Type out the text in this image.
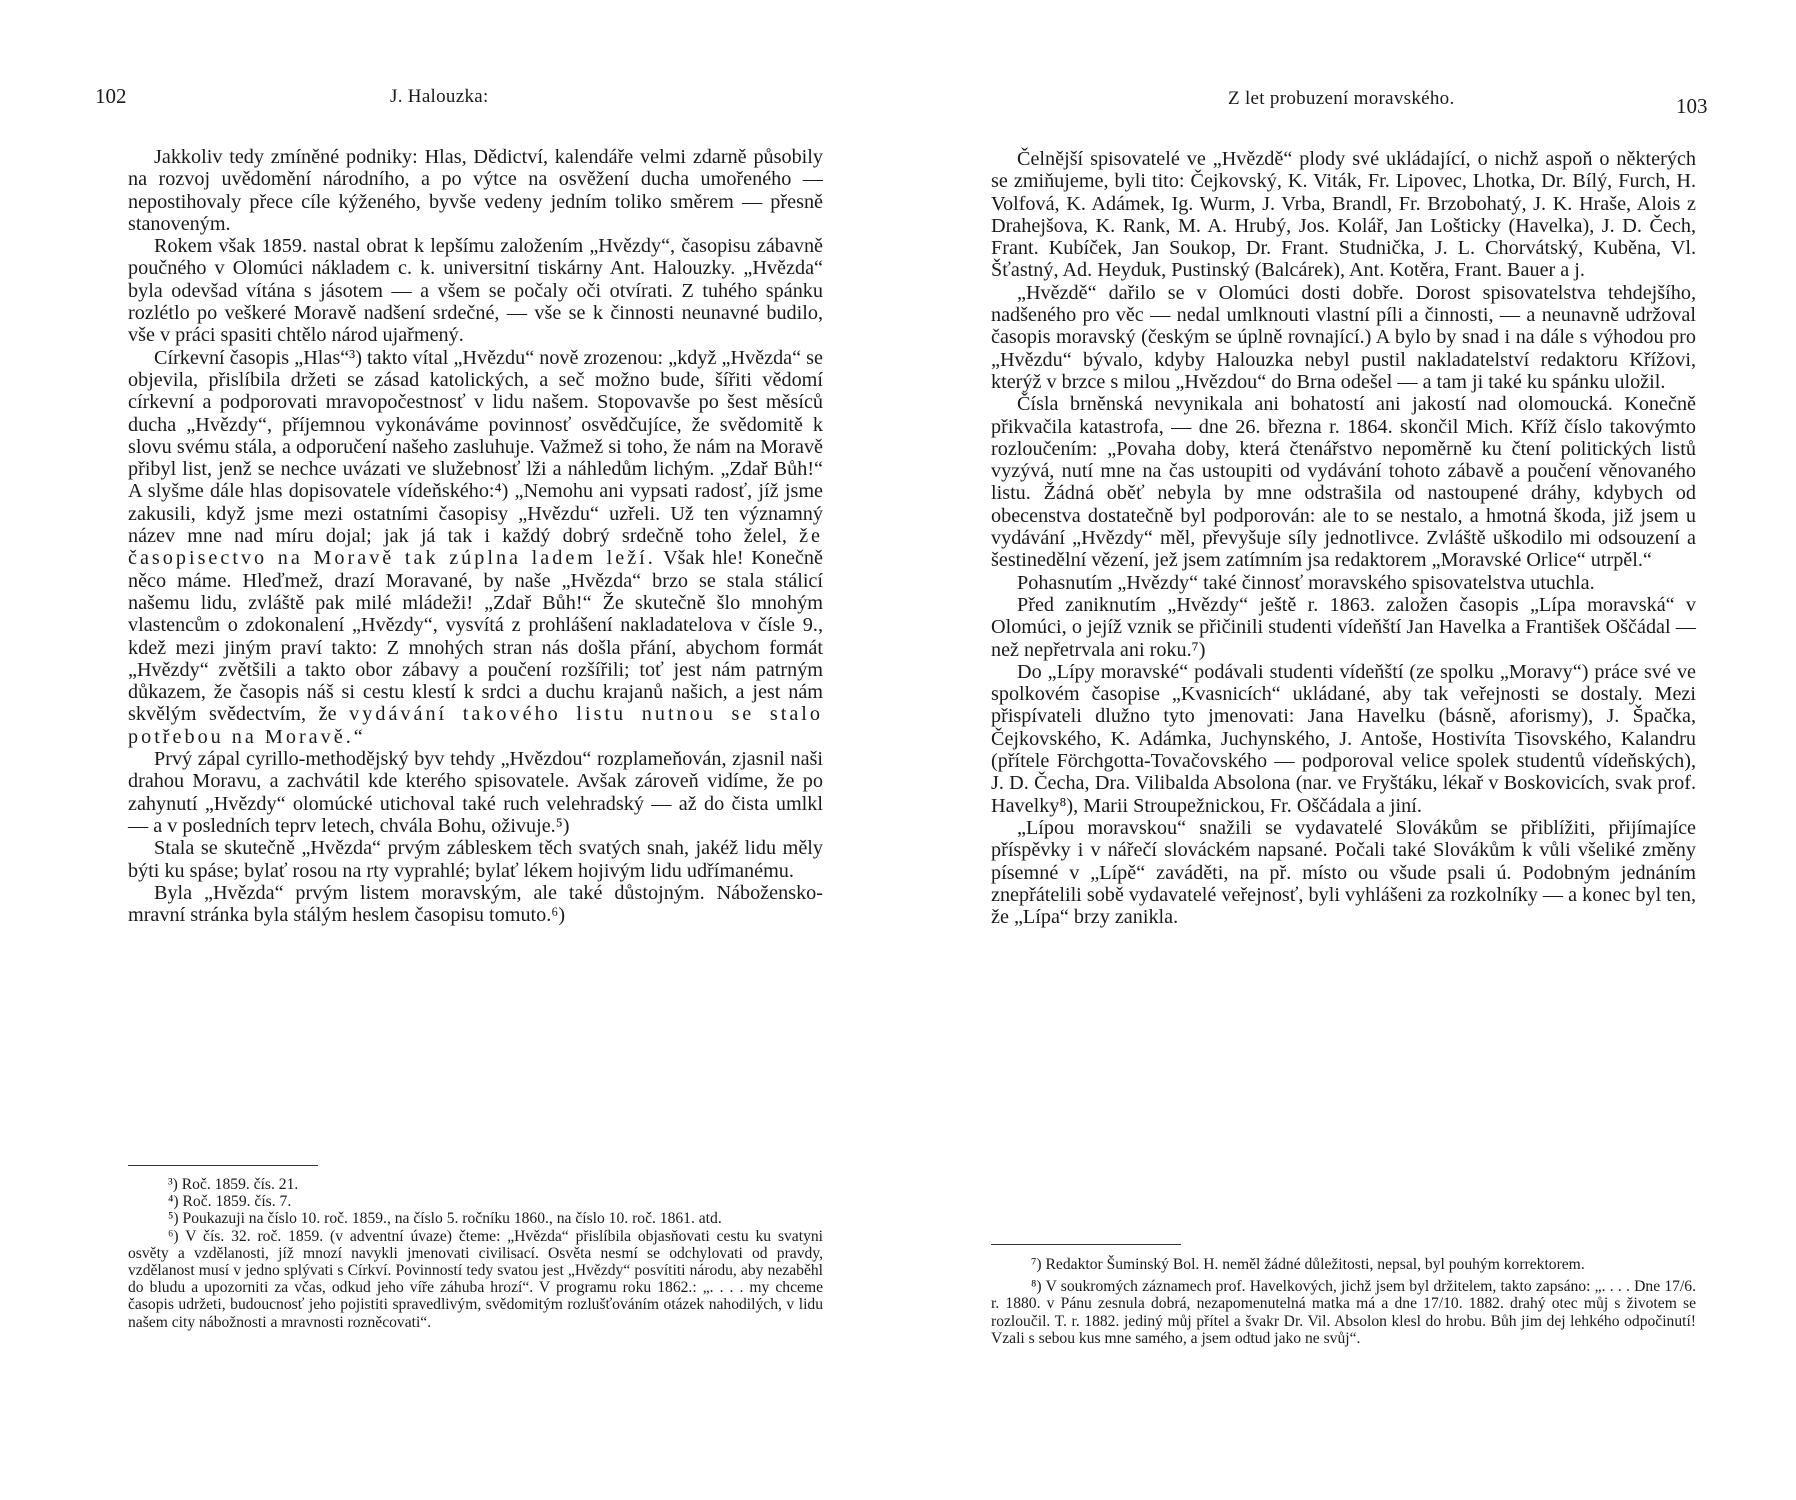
102	J. Halouzka:

Jakkoliv tedy zmíněné podniky: Hlas, Dědictví, kalendáře velmi zdarně působily na rozvoj uvědomění národního, a po výtce na osvěžení ducha umořeného — nepostihovaly přece cíle kýženého, byvše vedeny jedním toliko směrem — přesně stanoveným.

Rokem však 1859. nastal obrat k lepšímu založením „Hvězdy“, časopisu zábavně poučného v Olomúci nákladem c. k. universitní tiskárny Ant. Halouzky. „Hvězda“ byla odevšad vítána s jásotem — a všem se počaly oči otvírati. Z tuhého spánku rozlétlo po veškeré Moravě nadšení srdečné, — vše se k činnosti neunavné budilo, vše v práci spasiti chtělo národ ujařmený.

Církevní časopis „Hlas“³) takto vítal „Hvězdu“ nově zrozenou: „když „Hvězda“ se objevila, přislíbila držeti se zásad katolických, a seč možno bude, šířiti vědomí církevní a podporovati mravopočestnosť v lidu našem. Stopovavše po šest měsíců ducha „Hvězdy“, příjemnou vykonáváme povinnosť osvědčujíce, že svědomitě k slovu svému stála, a odporučení našeho zasluhuje. Važmež si toho, že nám na Moravě přibyl list, jenž se nechce uvázati ve služebnosť lži a náhledům lichým. „Zdař Bůh!“ A slyšme dále hlas dopisovatele vídeňského:⁴) „Nemohu ani vypsati radosť, jíž jsme zakusili, když jsme mezi ostatními časopisy „Hvězdu“ uzřeli. Už ten významný název mne nad míru dojal; jak já tak i každý dobrý srdečně toho želel, že časopisectvo na Moravě tak zúplna ladem leží. Však hle! Konečně něco máme. Hleďmež, drazí Moravané, by naše „Hvězda“ brzo se stala stálicí našemu lidu, zvláště pak milé mládeži! „Zdař Bůh!“ Že skutečně šlo mnohým vlastencům o zdokonalení „Hvězdy“, vysvítá z prohlášení nakladatelova v čísle 9., kdež mezi jiným praví takto: Z mnohých stran nás došla přání, abychom formát „Hvězdy“ zvětšili a takto obor zábavy a poučení rozšířili; toť jest nám patrným důkazem, že časopis náš si cestu klestí k srdci a duchu krajanů našich, a jest nám skvělým svědectvím, že vydávání takového listu nutnou se stalo potřebou na Moravě.“

Prvý zápal cyrillo-methodějský byv tehdy „Hvězdou“ rozplameňován, zjasnil naši drahou Moravu, a zachvátil kde kterého spisovatele. Avšak zároveň vidíme, že po zahynutí „Hvězdy“ olomúcké utichoval také ruch velehradský — až do čista umlkl — a v posledních teprv letech, chvála Bohu, oživuje.⁵)

Stala se skutečně „Hvězda“ prvým zábleskem těch svatých snah, jakéž lidu měly býti ku spáse; bylať rosou na rty vyprahlé; bylať lékem hojivým lidu udřímanému.

Byla „Hvězda“ prvým listem moravským, ale také důstojným. Nábožensko-mravní stránka byla stálým heslem časopisu tomuto.⁶)

³) Roč. 1859. čís. 21.

⁴) Roč. 1859. čís. 7.

⁵) Poukazuji na číslo 10. roč. 1859., na číslo 5. ročníku 1860., na číslo 10. roč. 1861. atd.

⁶) V čís. 32. roč. 1859. (v adventní úvaze) čteme: „Hvězda“ přislíbila objasňovati cestu ku svatyni osvěty a vzdělanosti, jíž mnozí navykli jmenovati civilisací. Osvěta nesmí se odchylovati od pravdy, vzdělanost musí v jedno splývati s Církví. Povinností tedy svatou jest „Hvězdy“ posvítiti národu, aby nezaběhl do bludu a upozorniti za včas, odkud jeho víře záhuba hrozí“. V programu roku 1862.: „. . . . my chceme časopis udržeti, budoucnosť jeho pojistiti spravedlivým, svědomitým rozlušťováním otázek nahodilých, v lidu našem city nábožnosti a mravnosti rozněcovati“.

Z let probuzení moravského.	103

Čelnější spisovatelé ve „Hvězdě“ plody své ukládající, o nichž aspoň o některých se zmiňujeme, byli tito: Čejkovský, K. Viták, Fr. Lipovec, Lhotka, Dr. Bílý, Furch, H. Volfová, K. Adámek, Ig. Wurm, J. Vrba, Brandl, Fr. Brzobohatý, J. K. Hraše, Alois z Drahejšova, K. Rank, M. A. Hrubý, Jos. Kolář, Jan Lošticky (Havelka), J. D. Čech, Frant. Kubíček, Jan Soukop, Dr. Frant. Studnička, J. L. Chorvátský, Kuběna, Vl. Šťastný, Ad. Heyduk, Pustinský (Balcárek), Ant. Kotěra, Frant. Bauer a j.

„Hvězdě“ dařilo se v Olomúci dosti dobře. Dorost spisovatelstva tehdejšího, nadšeného pro věc — nedal umlknouti vlastní píli a činnosti, — a neunavně udržoval časopis moravský (českým se úplně rovnající.) A bylo by snad i na dále s výhodou pro „Hvězdu“ bývalo, kdyby Halouzka nebyl pustil nakladatelství redaktoru Křížovi, kterýž v brzce s milou „Hvězdou“ do Brna odešel — a tam ji také ku spánku uložil.

Čísla brněnská nevynikala ani bohatostí ani jakostí nad olomoucká. Konečně přikvačila katastrofa, — dne 26. března r. 1864. skončil Mich. Kříž číslo takovýmto rozloučením: „Povaha doby, která čtenářstvo nepoměrně ku čtení politických listů vyzývá, nutí mne na čas ustoupiti od vydávání tohoto zábavě a poučení věnovaného listu. Žádná oběť nebyla by mne odstrašila od nastoupené dráhy, kdybych od obecenstva dostatečně byl podporován: ale to se nestalo, a hmotná škoda, již jsem u vydávání „Hvězdy“ měl, převyšuje síly jednotlivce. Zvláště uškodilo mi odsouzení a šestinedělní vězení, jež jsem zatímním jsa redaktorem „Moravské Orlice“ utrpěl.“

Pohasnutím „Hvězdy“ také činnosť moravského spisovatelstva utuchla.

Před zaniknutím „Hvězdy“ ještě r. 1863. založen časopis „Lípa moravská“ v Olomúci, o jejíž vznik se přičinili studenti vídeňští Jan Havelka a František Oščádal — než nepřetrvala ani roku.⁷)

Do „Lípy moravské“ podávali studenti vídeňští (ze spolku „Moravy“) práce své ve spolkovém časopise „Kvasnicích“ ukládané, aby tak veřejnosti se dostaly. Mezi přispívateli dlužno tyto jmenovati: Jana Havelku (básně, aforismy), J. Špačka, Čejkovského, K. Adámka, Juchynského, J. Antoše, Hostivíta Tisovského, Kalandru (přítele Förchgotta-Tovačovského — podporoval velice spolek studentů vídeňských), J. D. Čecha, Dra. Vilibalda Absolona (nar. ve Fryštáku, lékař v Boskovicích, svak prof. Havelky⁸), Marii Stroupežnickou, Fr. Oščádala a jiní.

„Lípou moravskou“ snažili se vydavatelé Slovákům se přiblížiti, přijímajíce příspěvky i v nářečí slováckém napsané. Počali také Slovákům k vůli všeliké změny písemné v „Lípě“ zaváděti, na př. místo ou všude psali ú. Podobným jednáním znepřátelili sobě vydavatelé veřejnosť, byli vyhlášeni za rozkolníky — a konec byl ten, že „Lípa“ brzy zanikla.

⁷) Redaktor Šuminský Bol. H. neměl žádné důležitosti, nepsal, byl pouhým korrektorem.

⁸) V soukromých záznamech prof. Havelkových, jichž jsem byl držitelem, takto zapsáno: „. . . . Dne 17/6. r. 1880. v Pánu zesnula dobrá, nezapomenutelná matka má a dne 17/10. 1882. drahý otec můj s životem se rozloučil. T. r. 1882. jediný můj přítel a švakr Dr. Vil. Absolon klesl do hrobu. Bůh jim dej lehkého odpočinutí! Vzali s sebou kus mne samého, a jsem odtud jako ne svůj“.
